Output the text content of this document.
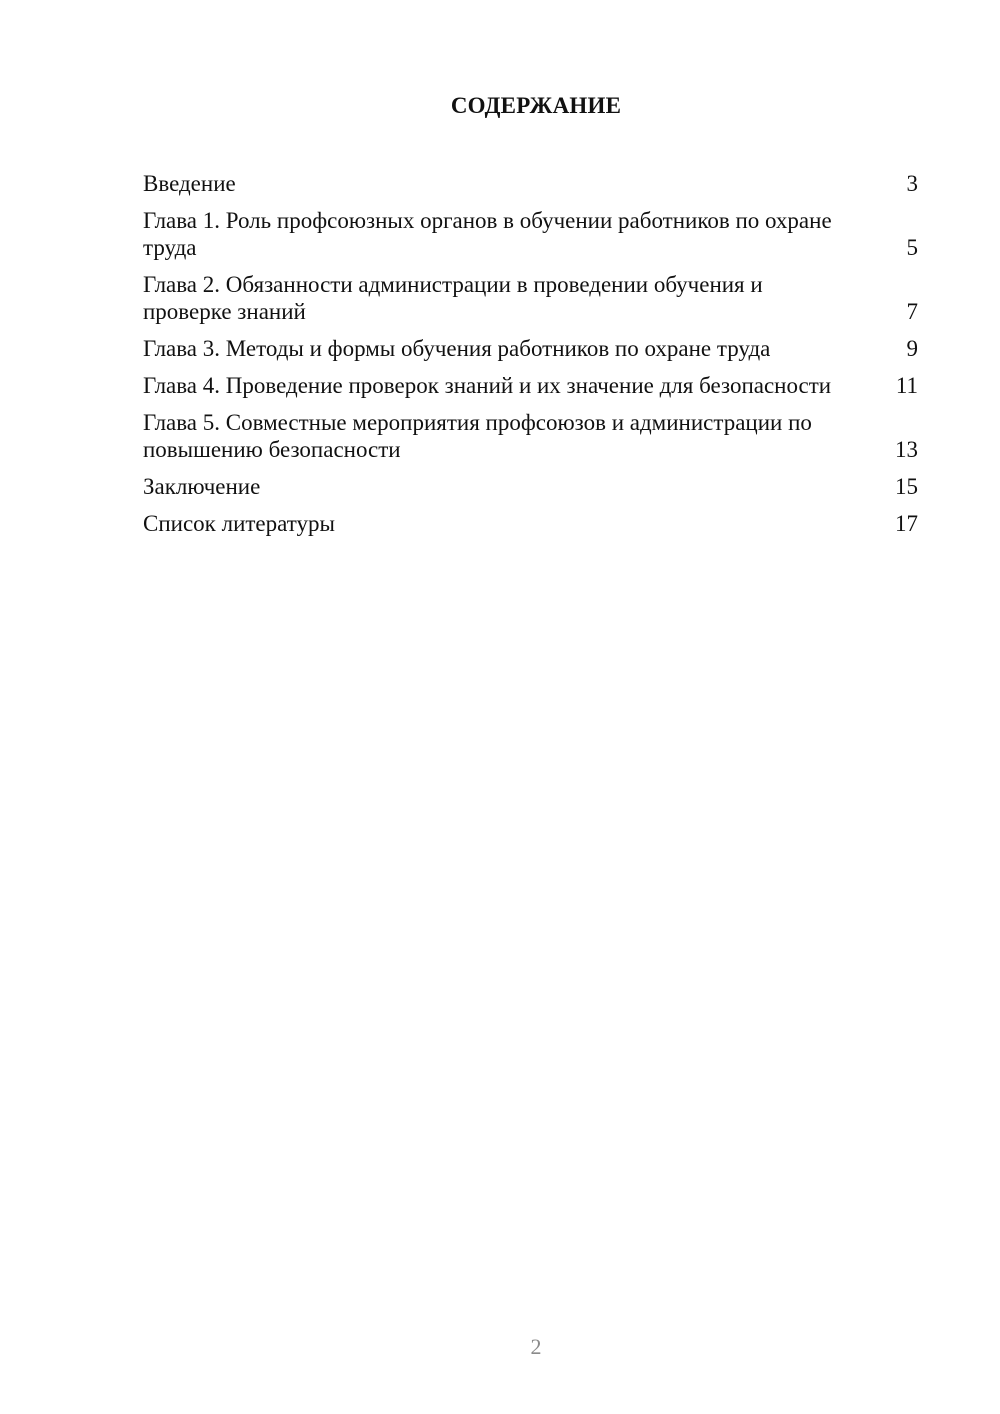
СОДЕРЖАНИЕ
Введение	3
Глава 1. Роль профсоюзных органов в обучении работников по охране труда	5
Глава 2. Обязанности администрации в проведении обучения и проверке знаний	7
Глава 3. Методы и формы обучения работников по охране труда	9
Глава 4. Проведение проверок знаний и их значение для безопасности	11
Глава 5. Совместные мероприятия профсоюзов и администрации по повышению безопасности	13
Заключение	15
Список литературы	17
2
